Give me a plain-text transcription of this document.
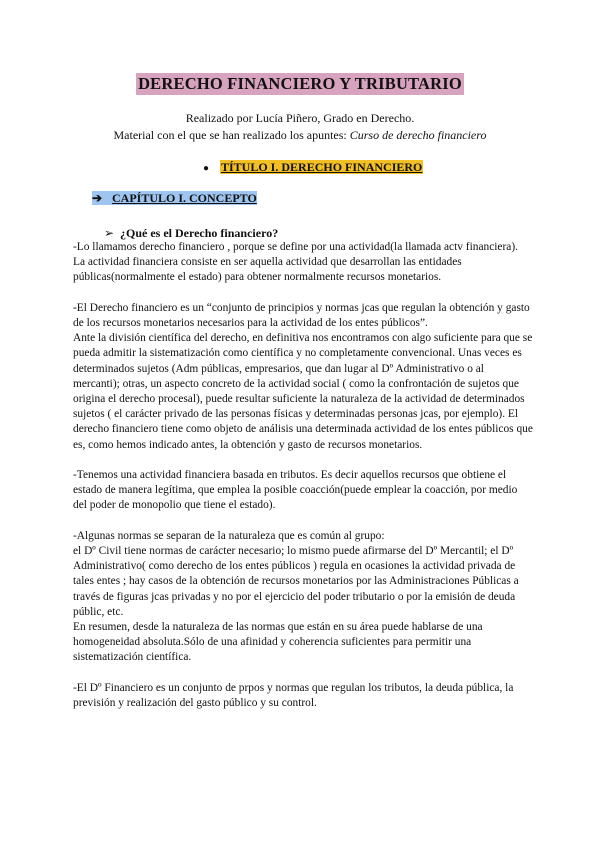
DERECHO FINANCIERO Y TRIBUTARIO
Realizado por Lucía Piñero, Grado en Derecho.
Material con el que se han realizado los apuntes: Curso de derecho financiero
● TÍTULO I. DERECHO FINANCIERO
➔ CAPÍTULO I. CONCEPTO
➢ ¿Qué es el Derecho financiero?

-Lo llamamos derecho financiero , porque se define por una actividad(la llamada actv financiera).

La actividad financiera consiste en ser aquella actividad que desarrollan las entidades públicas(normalmente el estado) para obtener normalmente recursos monetarios.

-El Derecho financiero es un “conjunto de principios y normas jcas que regulan la obtención y gasto de los recursos monetarios necesarios para la actividad de los entes públicos”.

Ante la división científica del derecho, en definitiva nos encontramos con algo suficiente para que se pueda admitir la sistematización como científica y no completamente convencional. Unas veces es determinados sujetos (Adm públicas, empresarios, que dan lugar al Dº Administrativo o al mercanti); otras, un aspecto concreto de la actividad social ( como la confrontación de sujetos que origina el derecho procesal), puede resultar suficiente la naturaleza de la actividad de determinados sujetos ( el carácter privado de las personas físicas y determinadas personas jcas, por ejemplo). El derecho financiero tiene como objeto de análisis una determinada actividad de los entes públicos que es, como hemos indicado antes, la obtención y gasto de recursos monetarios.

-Tenemos una actividad financiera basada en tributos. Es decir aquellos recursos que obtiene el estado de manera legítima, que emplea la posible coacción(puede emplear la coacción, por medio del poder de monopolio que tiene el estado).

-Algunas normas se separan de la naturaleza que es común al grupo:

el Dº Civil tiene normas de carácter necesario; lo mismo puede afirmarse del Dº Mercantil; el Dº Administrativo( como derecho de los entes públicos ) regula en ocasiones la actividad privada de tales entes ; hay casos de la obtención de recursos monetarios por las Administraciones Públicas a través de figuras jcas privadas y no por el ejercicio del poder tributario o por la emisión de deuda públic, etc.

En resumen, desde la naturaleza de las normas que están en su área puede hablarse de una homogeneidad absoluta.Sólo de una afinidad y coherencia suficientes para permitir una sistematización científica.

-El Dº Financiero es un conjunto de prpos y normas que regulan los tributos, la deuda pública, la previsión y realización del gasto público y su control.
